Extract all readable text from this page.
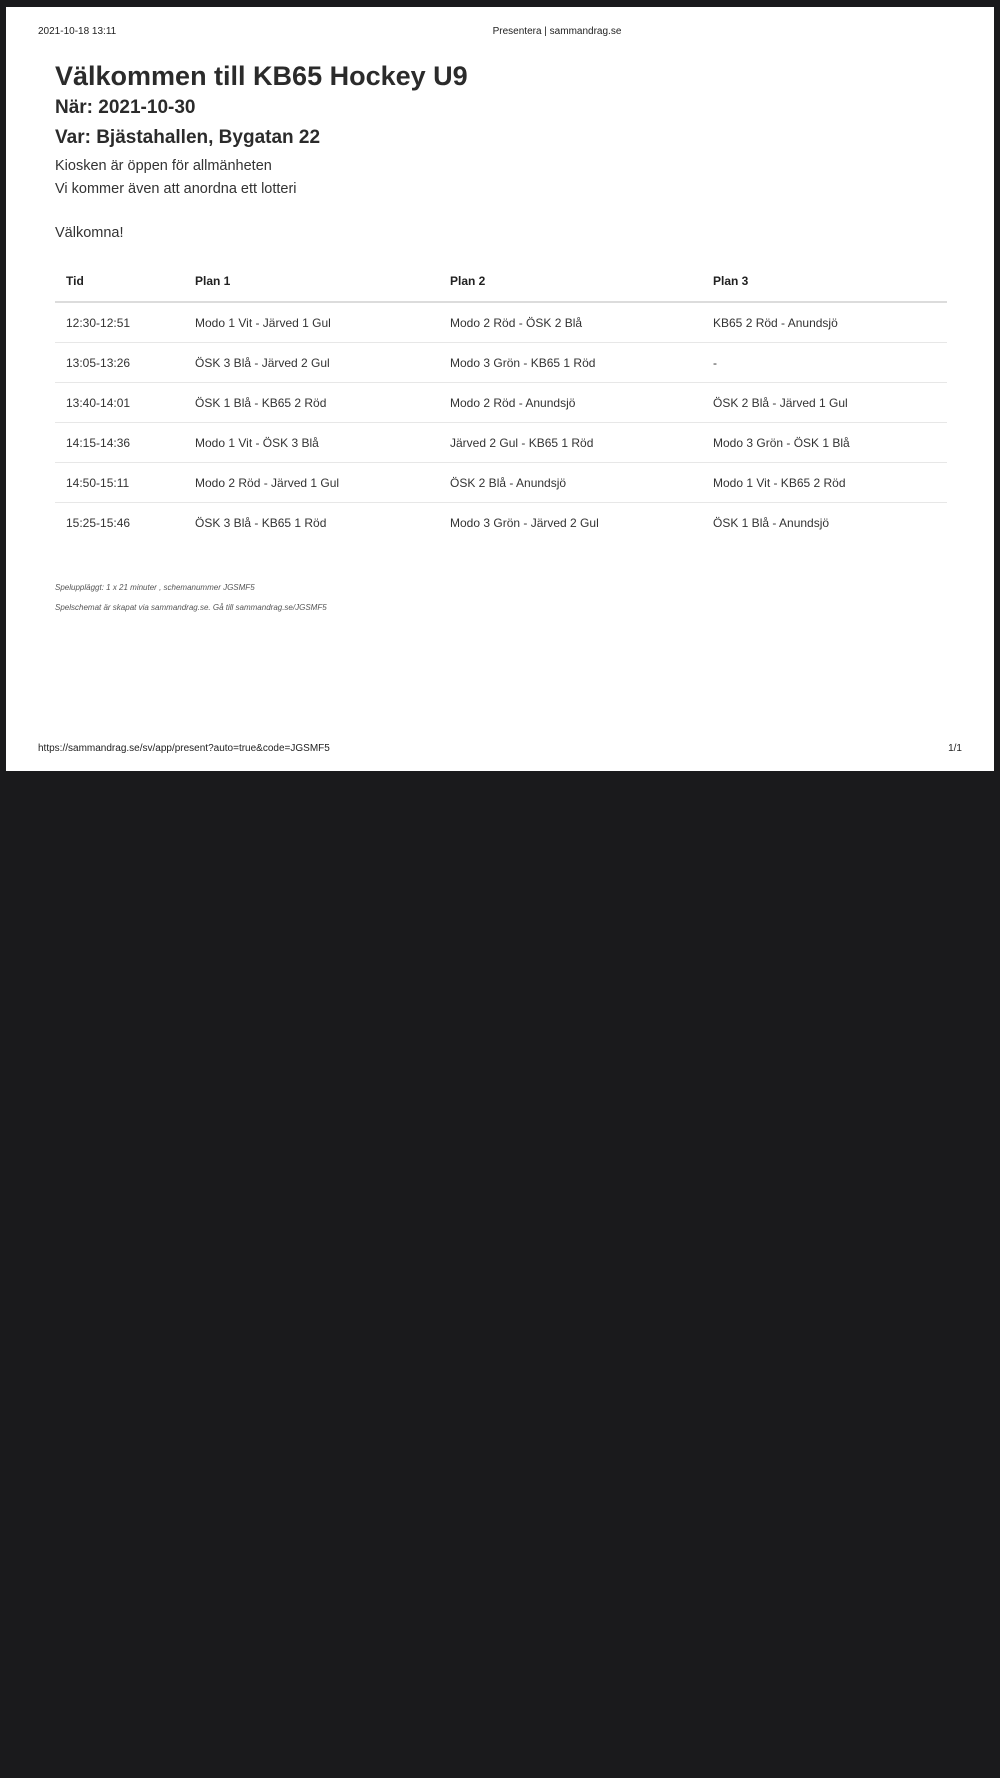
2021-10-18 13:11	Presentera | sammandrag.se
Välkommen till KB65 Hockey U9
När: 2021-10-30
Var: Bjästahallen, Bygatan 22
Kiosken är öppen för allmänheten
Vi kommer även att anordna ett lotteri
Välkomna!
Tid	Plan 1	Plan 2	Plan 3
12:30-12:51	Modo 1 Vit - Järved 1 Gul	Modo 2 Röd - ÖSK 2 Blå	KB65 2 Röd - Anundsjö
13:05-13:26	ÖSK 3 Blå - Järved 2 Gul	Modo 3 Grön - KB65 1 Röd	-
13:40-14:01	ÖSK 1 Blå - KB65 2 Röd	Modo 2 Röd - Anundsjö	ÖSK 2 Blå - Järved 1 Gul
14:15-14:36	Modo 1 Vit - ÖSK 3 Blå	Järved 2 Gul - KB65 1 Röd	Modo 3 Grön - ÖSK 1 Blå
14:50-15:11	Modo 2 Röd - Järved 1 Gul	ÖSK 2 Blå - Anundsjö	Modo 1 Vit - KB65 2 Röd
15:25-15:46	ÖSK 3 Blå - KB65 1 Röd	Modo 3 Grön - Järved 2 Gul	ÖSK 1 Blå - Anundsjö
Speluppläggt: 1 x 21 minuter , schemanummer JGSMF5
Spelschemat är skapat via sammandrag.se. Gå till sammandrag.se/JGSMF5
https://sammandrag.se/sv/app/present?auto=true&code=JGSMF5	1/1
